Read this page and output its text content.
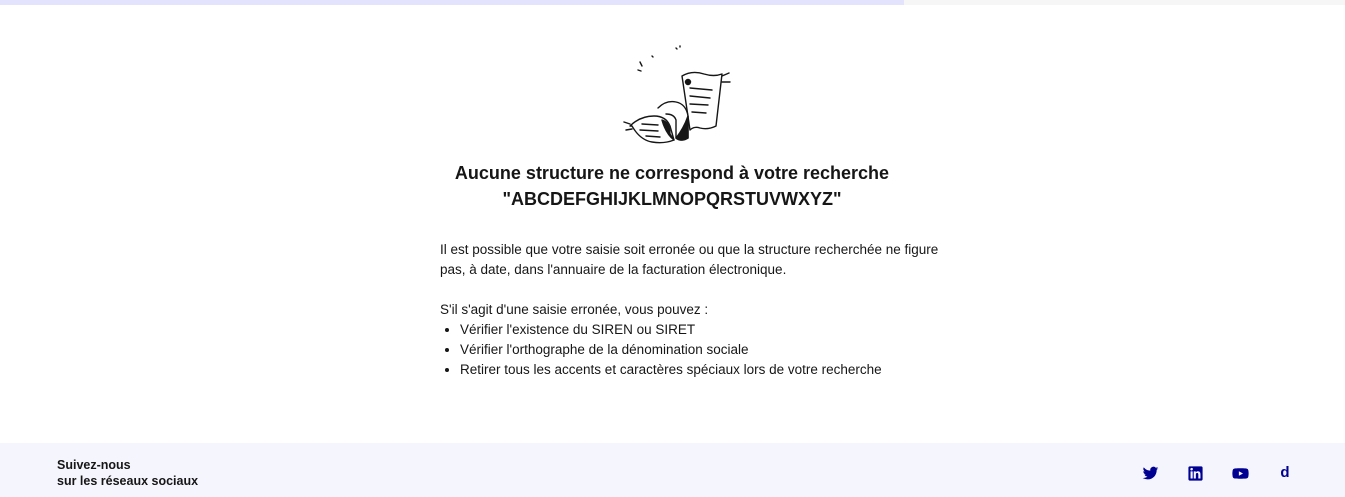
Aucune structure ne correspond à votre recherche
"ABCDEFGHIJKLMNOPQRSTUVWXYZ"

Il est possible que votre saisie soit erronée ou que la structure recherchée ne figure pas, à date, dans l'annuaire de la facturation électronique.

S'il s'agit d'une saisie erronée, vous pouvez :

• Vérifier l'existence du SIREN ou SIRET
• Vérifier l'orthographe de la dénomination sociale
• Retirer tous les accents et caractères spéciaux lors de votre recherche
Suivez-nous
sur les réseaux sociaux	d
